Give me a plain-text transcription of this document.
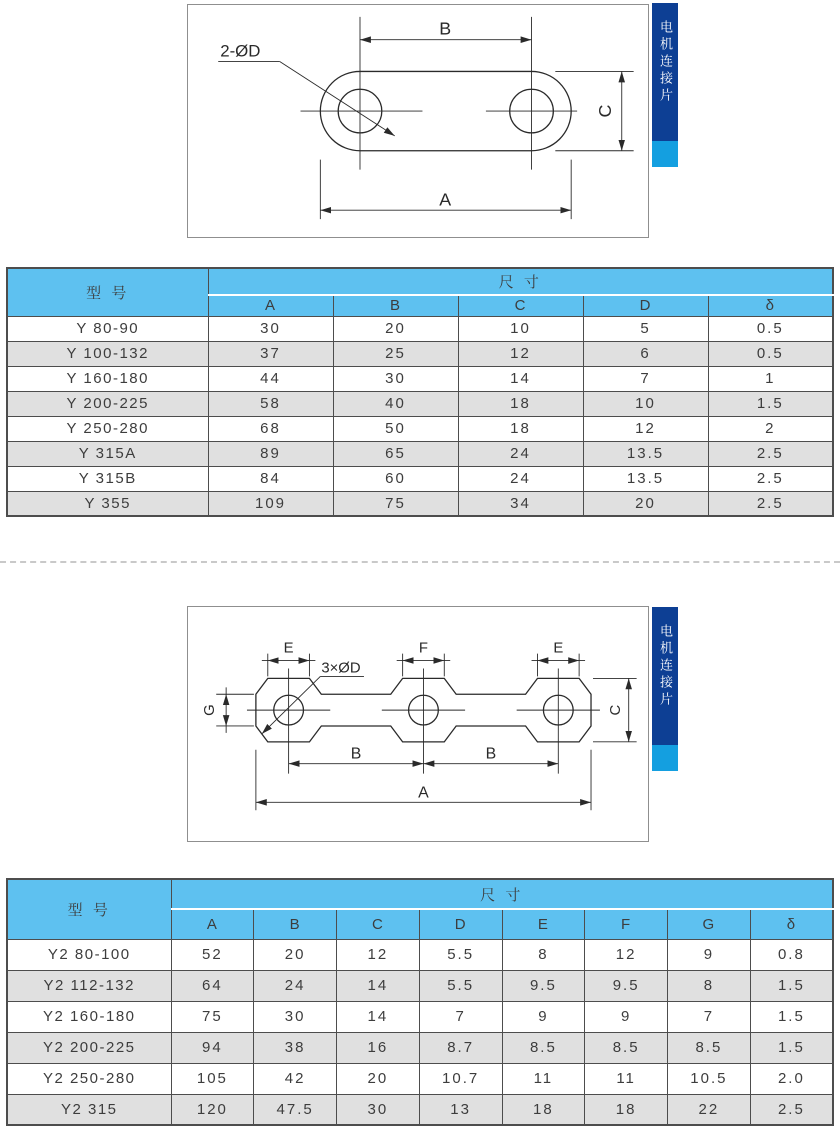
2-ØD
B
C
A
电机连接片
型 号	尺 寸				
	A	B	C	D	δ
Y 80-90	30	20	10	5	0.5
Y 100-132	37	25	12	6	0.5
Y 160-180	44	30	14	7	1
Y 200-225	58	40	18	10	1.5
Y 250-280	68	50	18	12	2
Y 315A	89	65	24	13.5	2.5
Y 315B	84	60	24	13.5	2.5
Y 355	109	75	34	20	2.5
E	F	E
3×ØD
G	C
B	B
A
电机连接片
型 号	尺 寸							
	A	B	C	D	E	F	G	δ
Y2 80-100	52	20	12	5.5	8	12	9	0.8
Y2 112-132	64	24	14	5.5	9.5	9.5	8	1.5
Y2 160-180	75	30	14	7	9	9	7	1.5
Y2 200-225	94	38	16	8.7	8.5	8.5	8.5	1.5
Y2 250-280	105	42	20	10.7	11	11	10.5	2.0
Y2 315	120	47.5	30	13	18	18	22	2.5
